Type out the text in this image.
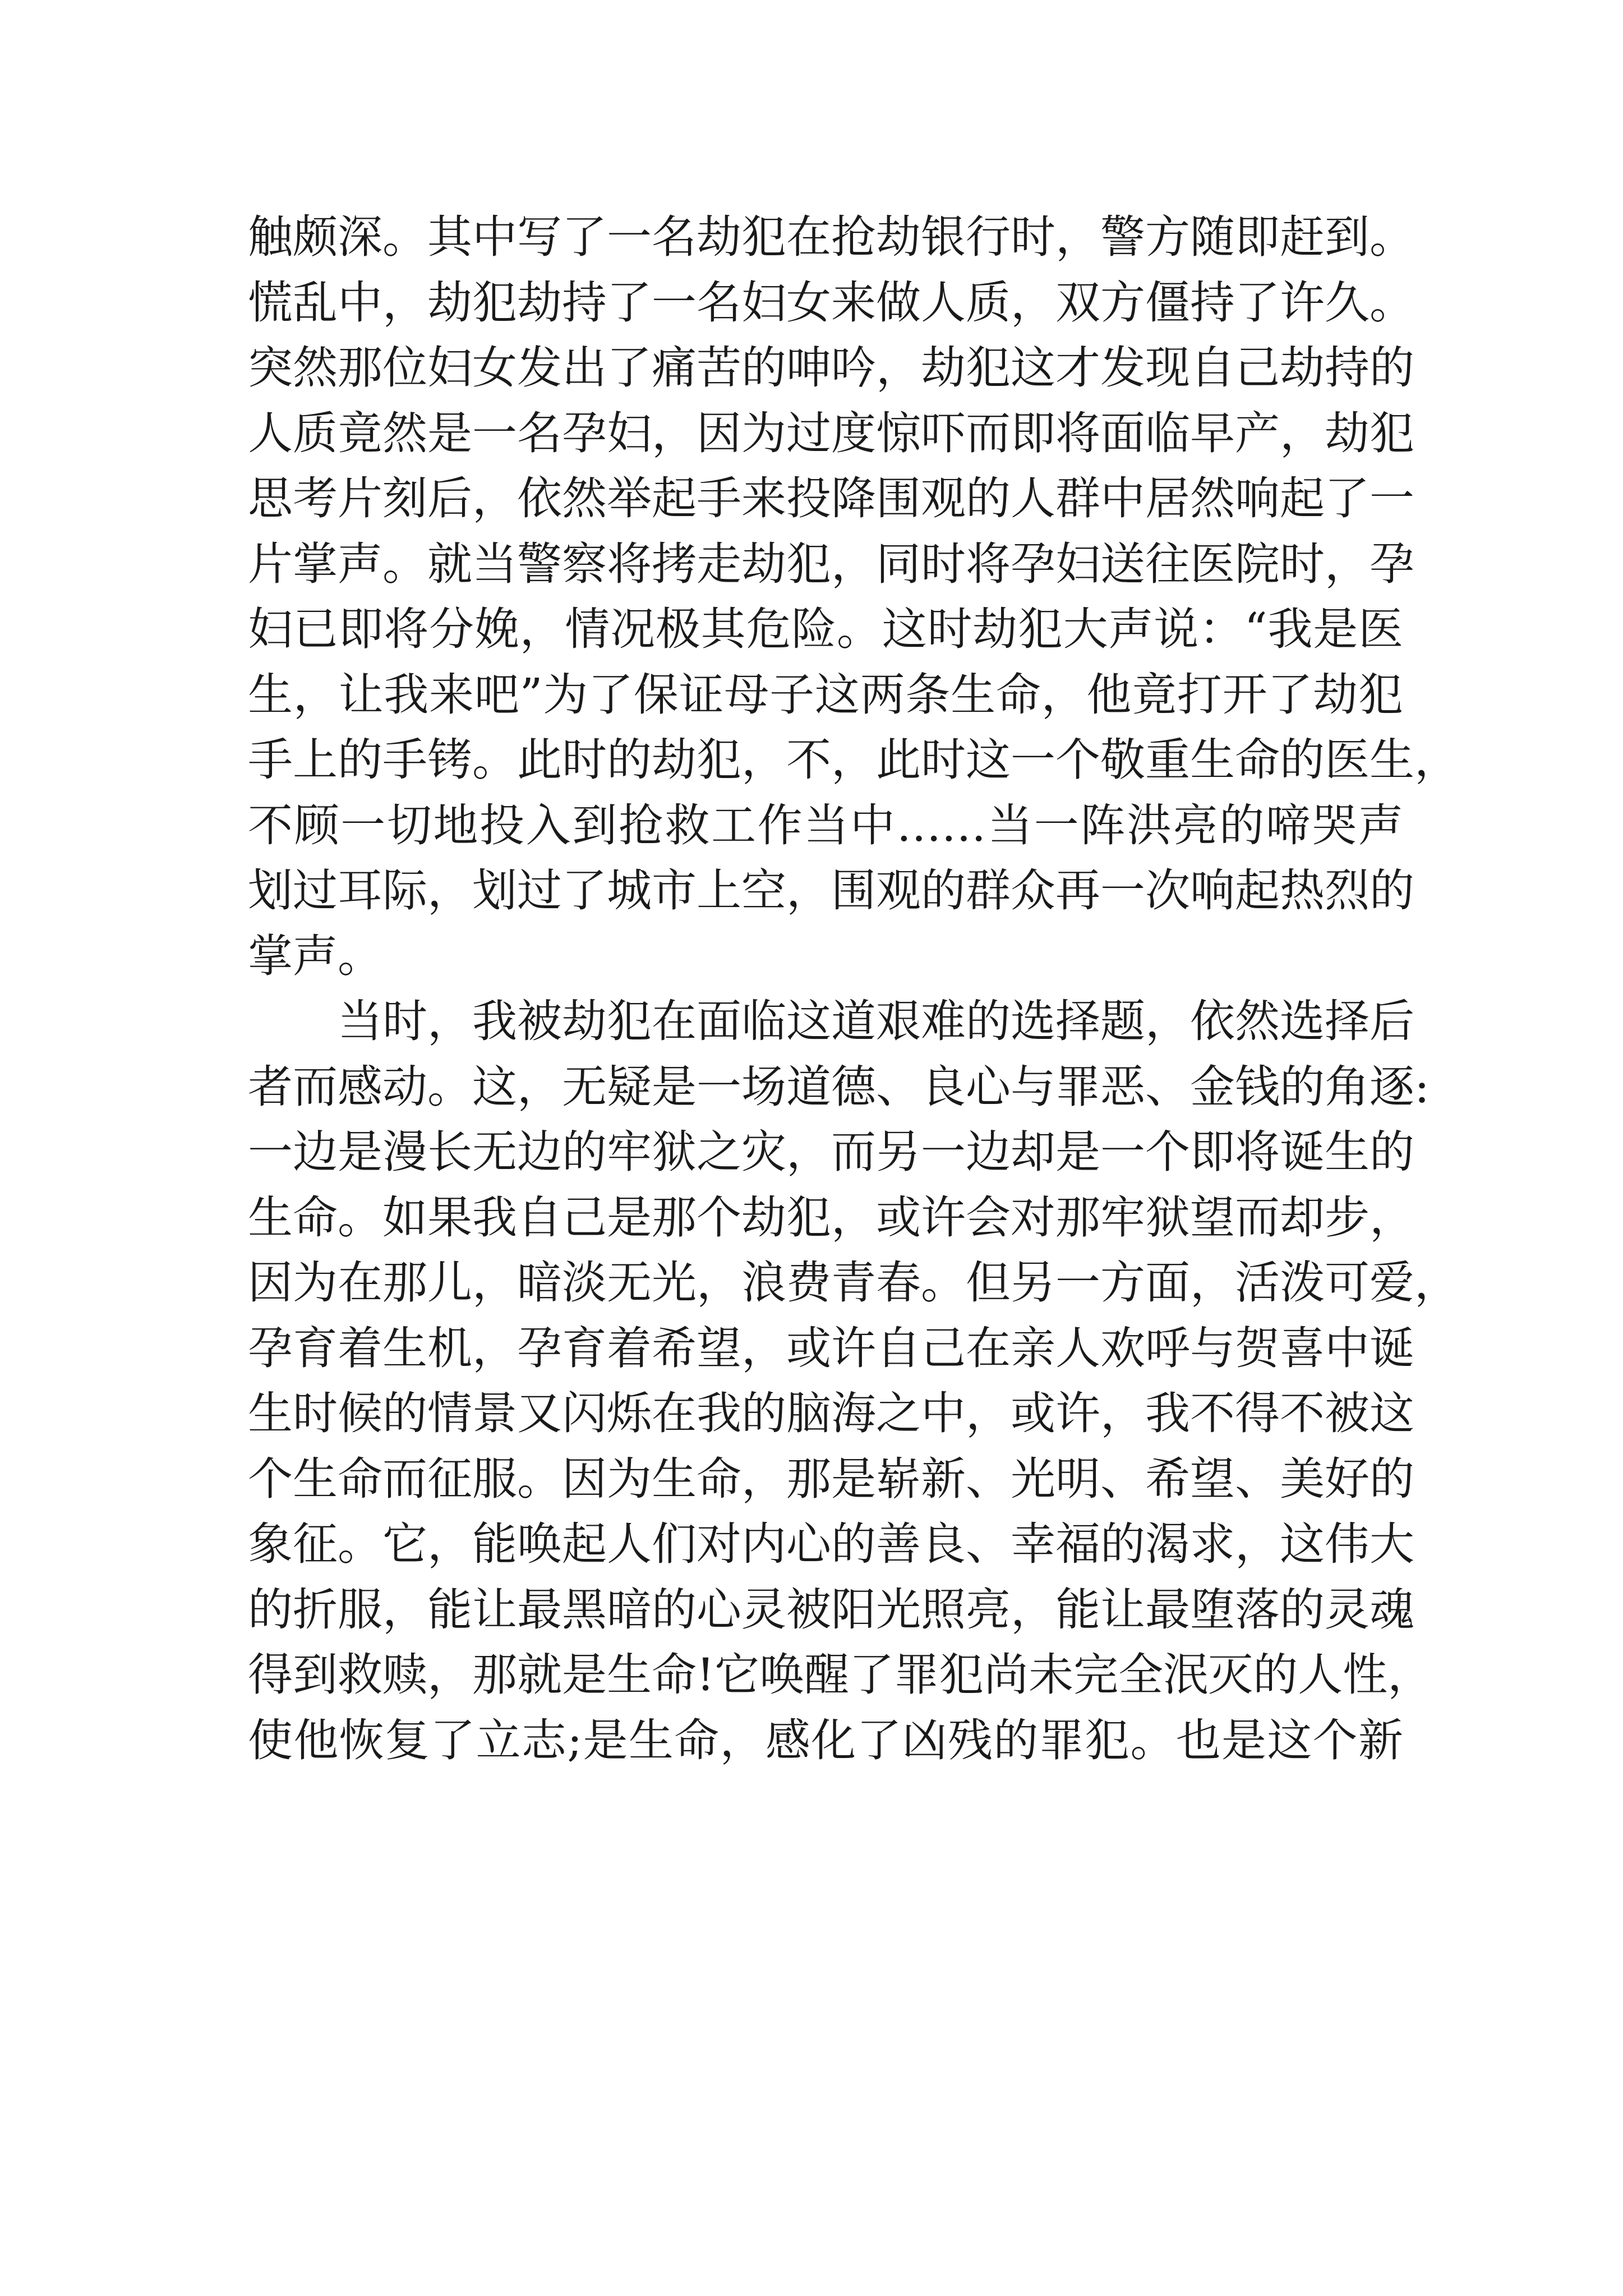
触颇深。其中写了一名劫犯在抢劫银行时，警方随即赶到。
慌乱中，劫犯劫持了一名妇女来做人质，双方僵持了许久。
突然那位妇女发出了痛苦的呻吟，劫犯这才发现自己劫持的
人质竟然是一名孕妇，因为过度惊吓而即将面临早产，劫犯
思考片刻后，依然举起手来投降围观的人群中居然响起了一
片掌声。就当警察将拷走劫犯，同时将孕妇送往医院时，孕
妇已即将分娩，情况极其危险。这时劫犯大声说：“我是医
生，让我来吧”为了保证母子这两条生命，他竟打开了劫犯
手上的手铐。此时的劫犯，不，此时这一个敬重生命的医生，
不顾一切地投入到抢救工作当中……当一阵洪亮的啼哭声
划过耳际，划过了城市上空，围观的群众再一次响起热烈的
掌声。
当时，我被劫犯在面临这道艰难的选择题，依然选择后
者而感动。这，无疑是一场道德、良心与罪恶、金钱的角逐:
一边是漫长无边的牢狱之灾，而另一边却是一个即将诞生的
生命。如果我自己是那个劫犯，或许会对那牢狱望而却步，
因为在那儿，暗淡无光，浪费青春。但另一方面，活泼可爱，
孕育着生机，孕育着希望，或许自己在亲人欢呼与贺喜中诞
生时候的情景又闪烁在我的脑海之中，或许，我不得不被这
个生命而征服。因为生命，那是崭新、光明、希望、美好的
象征。它，能唤起人们对内心的善良、幸福的渴求，这伟大
的折服，能让最黑暗的心灵被阳光照亮，能让最堕落的灵魂
得到救赎，那就是生命!它唤醒了罪犯尚未完全泯灭的人性，
使他恢复了立志;是生命，感化了凶残的罪犯。也是这个新
